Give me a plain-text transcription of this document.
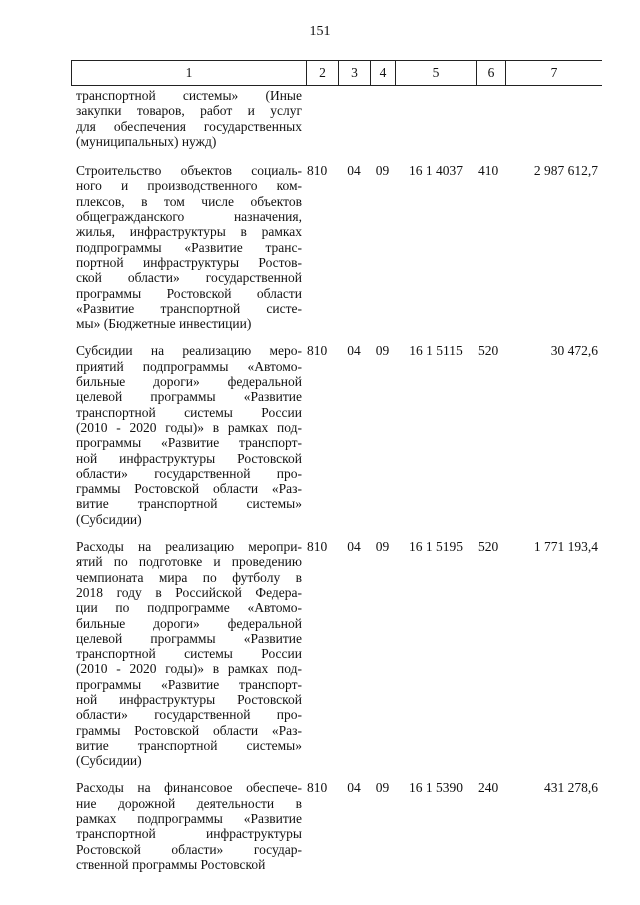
151
1	2	3	4	5	6	7
транспортной системы» (Иные
закупки товаров, работ и услуг
для обеспечения государственных
(муниципальных) нужд)
Строительство объектов социаль-
ного и производственного ком-
плексов, в том числе объектов
общегражданского назначения,
жилья, инфраструктуры в рамках
подпрограммы «Развитие транс-
портной инфраструктуры Ростов-
ской области» государственной
программы Ростовской области
«Развитие транспортной систе-
мы» (Бюджетные инвестиции)
810	04	09	16 1 4037	410	2 987 612,7
Субсидии на реализацию меро-
приятий подпрограммы «Автомо-
бильные дороги» федеральной
целевой программы «Развитие
транспортной системы России
(2010 - 2020 годы)» в рамках под-
программы «Развитие транспорт-
ной инфраструктуры Ростовской
области» государственной про-
граммы Ростовской области «Раз-
витие транспортной системы»
(Субсидии)
810	04	09	16 1 5115	520	30 472,6
Расходы на реализацию меропри-
ятий по подготовке и проведению
чемпионата мира по футболу в
2018 году в Российской Федера-
ции по подпрограмме «Автомо-
бильные дороги» федеральной
целевой программы «Развитие
транспортной системы России
(2010 - 2020 годы)» в рамках под-
программы «Развитие транспорт-
ной инфраструктуры Ростовской
области» государственной про-
граммы Ростовской области «Раз-
витие транспортной системы»
(Субсидии)
810	04	09	16 1 5195	520	1 771 193,4
Расходы на финансовое обеспече-
ние дорожной деятельности в
рамках подпрограммы «Развитие
транспортной инфраструктуры
Ростовской области» государ-
ственной программы Ростовской
810	04	09	16 1 5390	240	431 278,6
